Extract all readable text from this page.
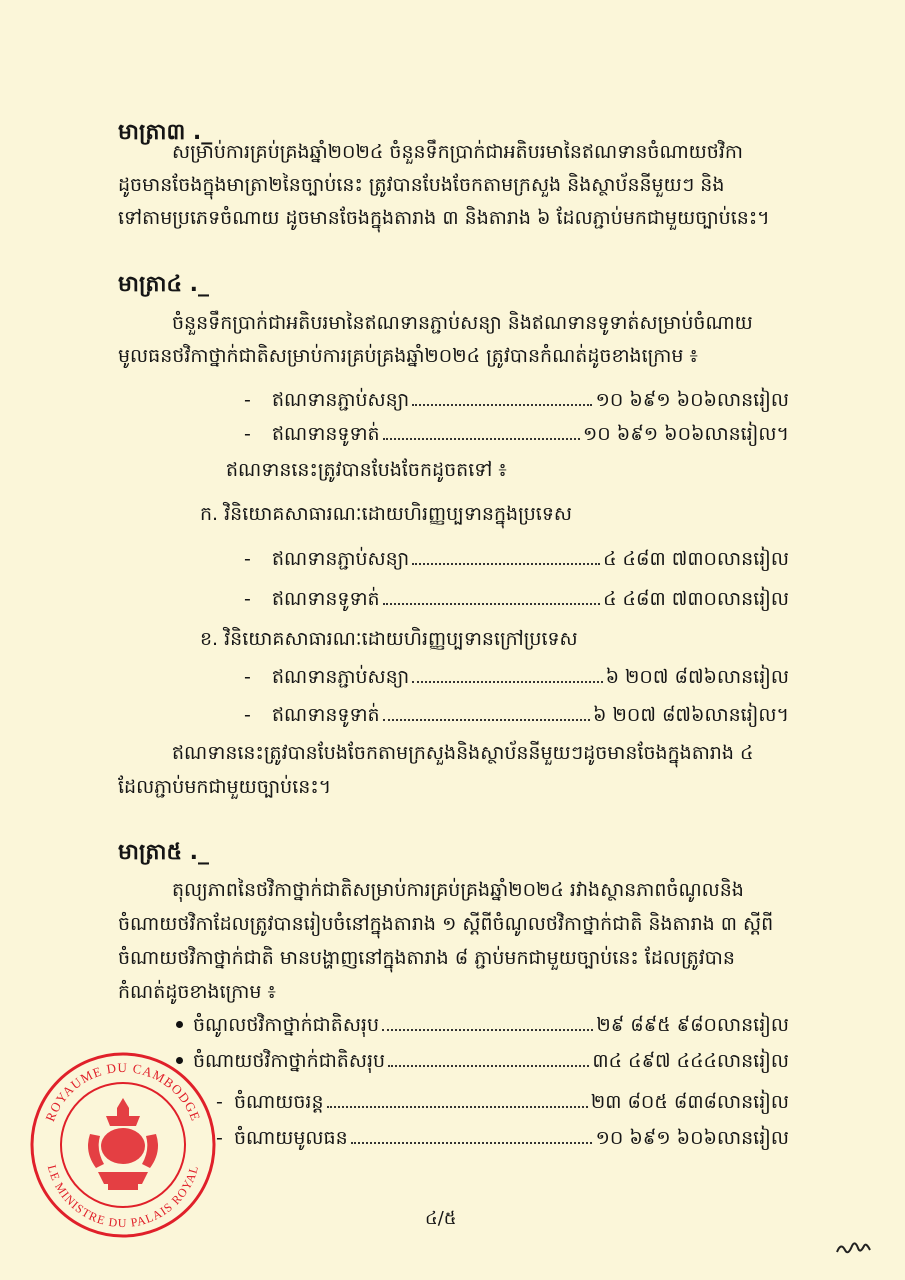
មាត្រា៣ ._
សម្រាប់ការគ្រប់គ្រងឆ្នាំ២០២៤ ចំនួនទឹកប្រាក់ជាអតិបរមានៃឥណទានចំណាយថវិកា
ដូចមានចែងក្នុងមាត្រា២នៃច្បាប់នេះ ត្រូវបានបែងចែកតាមក្រសួង និងស្ថាប័ននីមួយៗ និង
ទៅតាមប្រភេទចំណាយ ដូចមានចែងក្នុងតារាង ៣ និងតារាង ៦ ដែលភ្ជាប់មកជាមួយច្បាប់នេះ។
មាត្រា៤ ._
ចំនួនទឹកប្រាក់ជាអតិបរមានៃឥណទានភ្ជាប់សន្យា និងឥណទានទូទាត់សម្រាប់ចំណាយ
មូលធនថវិកាថ្នាក់ជាតិសម្រាប់ការគ្រប់គ្រងឆ្នាំ២០២៤ ត្រូវបានកំណត់ដូចខាងក្រោម ៖
-	ឥណទានភ្ជាប់សន្យា	១០ ៦៩១ ៦០៦លានរៀល
-	ឥណទានទូទាត់	១០ ៦៩១ ៦០៦លានរៀល។
ឥណទាននេះត្រូវបានបែងចែកដូចតទៅ ៖
ក. វិនិយោគសាធារណៈដោយហិរញ្ញប្បទានក្នុងប្រទេស
-	ឥណទានភ្ជាប់សន្យា	៤ ៤៨៣ ៧៣០លានរៀល
-	ឥណទានទូទាត់	៤ ៤៨៣ ៧៣០លានរៀល
ខ. វិនិយោគសាធារណៈដោយហិរញ្ញប្បទានក្រៅប្រទេស
-	ឥណទានភ្ជាប់សន្យា	៦ ២០៧ ៨៧៦លានរៀល
-	ឥណទានទូទាត់	៦ ២០៧ ៨៧៦លានរៀល។
ឥណទាននេះត្រូវបានបែងចែកតាមក្រសួងនិងស្ថាប័ននីមួយៗដូចមានចែងក្នុងតារាង ៤
ដែលភ្ជាប់មកជាមួយច្បាប់នេះ។
មាត្រា៥ ._
តុល្យភាពនៃថវិកាថ្នាក់ជាតិសម្រាប់ការគ្រប់គ្រងឆ្នាំ២០២៤ រវាងស្ថានភាពចំណូលនិង
ចំណាយថវិកាដែលត្រូវបានរៀបចំនៅក្នុងតារាង ១ ស្តីពីចំណូលថវិកាថ្នាក់ជាតិ និងតារាង ៣ ស្តីពី
ចំណាយថវិកាថ្នាក់ជាតិ មានបង្ហាញនៅក្នុងតារាង ៨ ភ្ជាប់មកជាមួយច្បាប់នេះ ដែលត្រូវបាន
កំណត់ដូចខាងក្រោម ៖
ចំណូលថវិកាថ្នាក់ជាតិសរុប	២៩ ៨៩៥ ៩៨០លានរៀល
ចំណាយថវិកាថ្នាក់ជាតិសរុប	៣៤ ៤៩៧ ៤៤៤លានរៀល
- ចំណាយចរន្ត	២៣ ៨០៥ ៨៣៨លានរៀល
- ចំណាយមូលធន	១០ ៦៩១ ៦០៦លានរៀល
ROYAUME DU CAMBODGE
LE MINISTRE DU PALAIS ROYAL
៤/៥
